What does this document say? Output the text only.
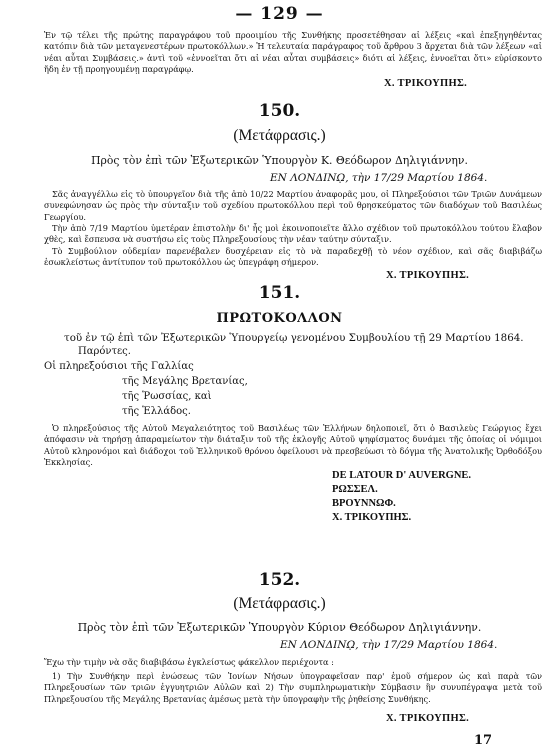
— 129 —
Ἐν τῷ τέλει τῆς πρώτης παραγράφου τοῦ προοιμίου τῆς Συνθήκης προσετέθησαν αἱ λέξεις «καὶ ἐπεξηγηθέντας κατόπιν διὰ τῶν μεταγενεστέρων πρωτοκόλλων.» Ἡ τελευταία παράγραφος τοῦ ἄρθρου 3 ἄρχεται διὰ τῶν λέξεων «αἱ νέαι αὗται Συμβάσεις.» ἀντὶ τοῦ «ἐννοεῖται ὅτι αἱ νέαι αὗται συμβάσεις» διότι αἱ λέξεις, ἐννοεῖται ὅτι» εὑρίσκοντο ἤδη ἐν τῇ προηγουμένῃ παραγράφῳ.
Χ. ΤΡΙΚΟΥΠΗΣ.
150.
(Μετάφρασις.)
Πρὸς τὸν ἐπὶ τῶν Ἐξωτερικῶν Ὑπουργὸν Κ. Θεόδωρον Δηλιγιάννην.
ΕΝ ΛΟΝΔΙΝῼ, τὴν 17/29 Μαρτίου 1864.
Σᾶς ἀναγγέλλω εἰς τὸ ὑπουργεῖον διὰ τῆς ἀπὸ 10/22 Μαρτίου ἀναφορᾶς μου, οἱ Πληρεξούσιοι τῶν Τριῶν Δυνάμεων συνεφώνησαν ὡς πρὸς τὴν σύνταξιν τοῦ σχεδίου πρωτοκόλλου περὶ τοῦ θρησκεύματος τῶν διαδόχων τοῦ Βασιλέως Γεωργίου.
Τὴν ἀπὸ 7/19 Μαρτίου ὑμετέραν ἐπιστολὴν δι' ἧς μοὶ ἐκοινοποιεῖτε ἄλλο σχέδιον τοῦ πρωτοκόλλου τούτου ἔλαβον χθὲς, καὶ ἔσπευσα νὰ συστήσω εἰς τοὺς Πληρεξουσίους τὴν νέαν ταύτην σύνταξιν.
Τὸ Συμβούλιον οὐδεμίαν παρενέβαλεν δυσχέρειαν εἰς τὸ νὰ παραδεχθῇ τὸ νέον σχέδιον, καὶ σᾶς διαβιβάζω ἐσωκλείστως ἀντίτυπον τοῦ πρωτοκόλλου ὡς ὑπεγράφη σήμερον.
Χ. ΤΡΙΚΟΥΠΗΣ.
151.
ΠΡΩΤΟΚΟΛΛΟΝ
τοῦ ἐν τῷ ἐπὶ τῶν Ἐξωτερικῶν Ὑπουργείῳ γενομένου Συμβουλίου τῇ 29 Μαρτίου 1864.
Παρόντες.
Οἱ πληρεξούσιοι τῆς Γαλλίας
τῆς Μεγάλης Βρετανίας,
τῆς Ῥωσσίας, καὶ
τῆς Ἑλλάδος.
Ὁ πληρεξούσιος τῆς Αὐτοῦ Μεγαλειότητος τοῦ Βασιλέως τῶν Ἑλλήνων δηλοποιεῖ, ὅτι ὁ Βασιλεὺς Γεώργιος ἔχει ἀπόφασιν νὰ τηρήσῃ ἀπαραμείωτον τὴν διάταξιν τοῦ τῆς ἐκλογῆς Αὐτοῦ ψηφίσματος δυνάμει τῆς ὁποίας οἱ νόμιμοι Αὐτοῦ κληρονόμοι καὶ διάδοχοι τοῦ Ἑλληνικοῦ θρόνου ὀφείλουσι νὰ πρεσβεύωσι τὸ δόγμα τῆς Ἀνατολικῆς Ὀρθοδόξου Ἐκκλησίας.
DE LATOUR D' AUVERGNE.
ΡΩΣΣΕΛ.
ΒΡΟΥΝΝΩΦ.
Χ. ΤΡΙΚΟΥΠΗΣ.
152.
(Μετάφρασις.)
Πρὸς τὸν ἐπὶ τῶν Ἐξωτερικῶν Ὑπουργὸν Κύριον Θεόδωρον Δηλιγιάννην.
ΕΝ ΛΟΝΔΙΝῼ, τὴν 17/29 Μαρτίου 1864.
Ἔχω τὴν τιμὴν νὰ σᾶς διαβιβάσω ἐγκλείστως φάκελλον περιέχοντα :
1) Τὴν Συνθήκην περὶ ἑνώσεως τῶν Ἰονίων Νήσων ὑπογραφεῖσαν παρ' ἐμοῦ σήμερον ὡς καὶ παρὰ τῶν Πληρεξουσίων τῶν τριῶν ἐγγυητριῶν Αὐλῶν καὶ 2) Τὴν συμπληρωματικὴν Σύμβασιν ἣν συνυπέγραψα μετὰ τοῦ Πληρεξουσίου τῆς Μεγάλης Βρετανίας ἀμέσως μετὰ τὴν ὑπογραφὴν τῆς ῥηθείσης Συνθήκης.
Χ. ΤΡΙΚΟΥΠΗΣ.
17
